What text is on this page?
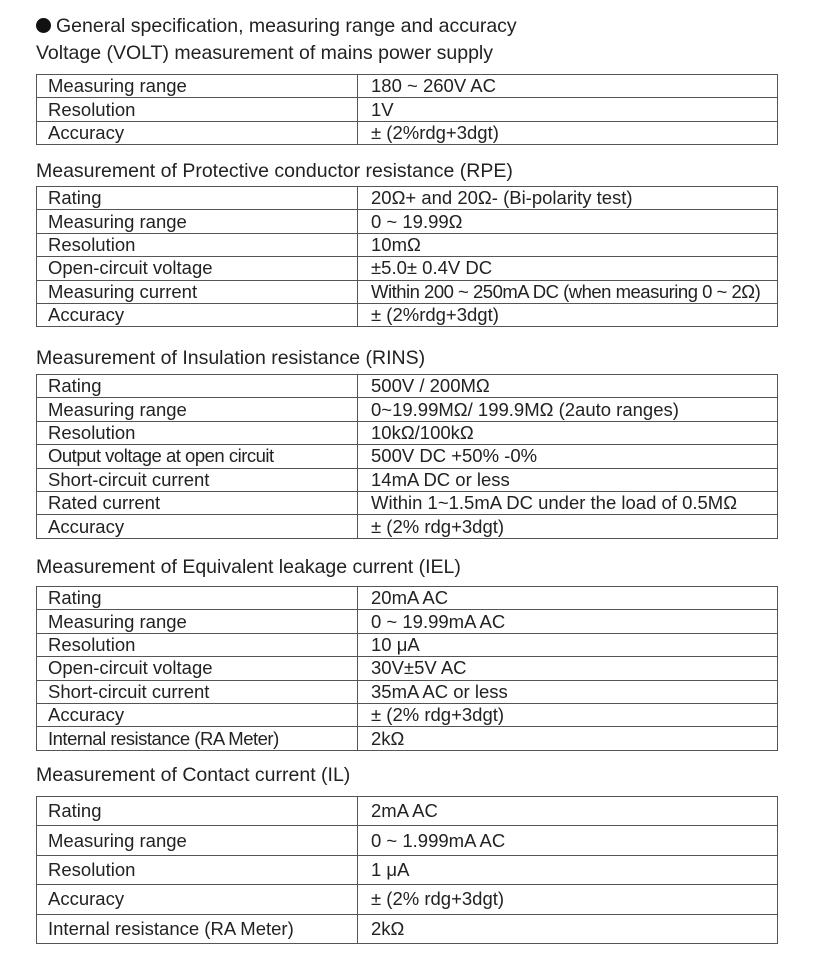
General specification, measuring range and accuracy
Voltage (VOLT) measurement of mains power supply
Measuring range	180 ~ 260V AC
Resolution	1V
Accuracy	± (2%rdg+3dgt)
Measurement of Protective conductor resistance (RPE)
Rating	20Ω+ and 20Ω- (Bi-polarity test)
Measuring range	0 ~ 19.99Ω
Resolution	10mΩ
Open-circuit voltage	±5.0± 0.4V DC
Measuring current	Within 200 ~ 250mA DC (when measuring 0 ~ 2Ω)
Accuracy	± (2%rdg+3dgt)
Measurement of Insulation resistance (RINS)
Rating	500V / 200MΩ
Measuring range	0~19.99MΩ/ 199.9MΩ (2auto ranges)
Resolution	10kΩ/100kΩ
Output voltage at open circuit	500V DC +50% -0%
Short-circuit current	14mA DC or less
Rated current	Within 1~1.5mA DC under the load of 0.5MΩ
Accuracy	± (2% rdg+3dgt)
Measurement of Equivalent leakage current (IEL)
Rating	20mA AC
Measuring range	0 ~ 19.99mA AC
Resolution	10 μA
Open-circuit voltage	30V±5V AC
Short-circuit current	35mA AC or less
Accuracy	± (2% rdg+3dgt)
Internal resistance (RA Meter)	2kΩ
Measurement of Contact current (IL)
Rating	2mA AC
Measuring range	0 ~ 1.999mA AC
Resolution	1 μA
Accuracy	± (2% rdg+3dgt)
Internal resistance (RA Meter)	2kΩ
